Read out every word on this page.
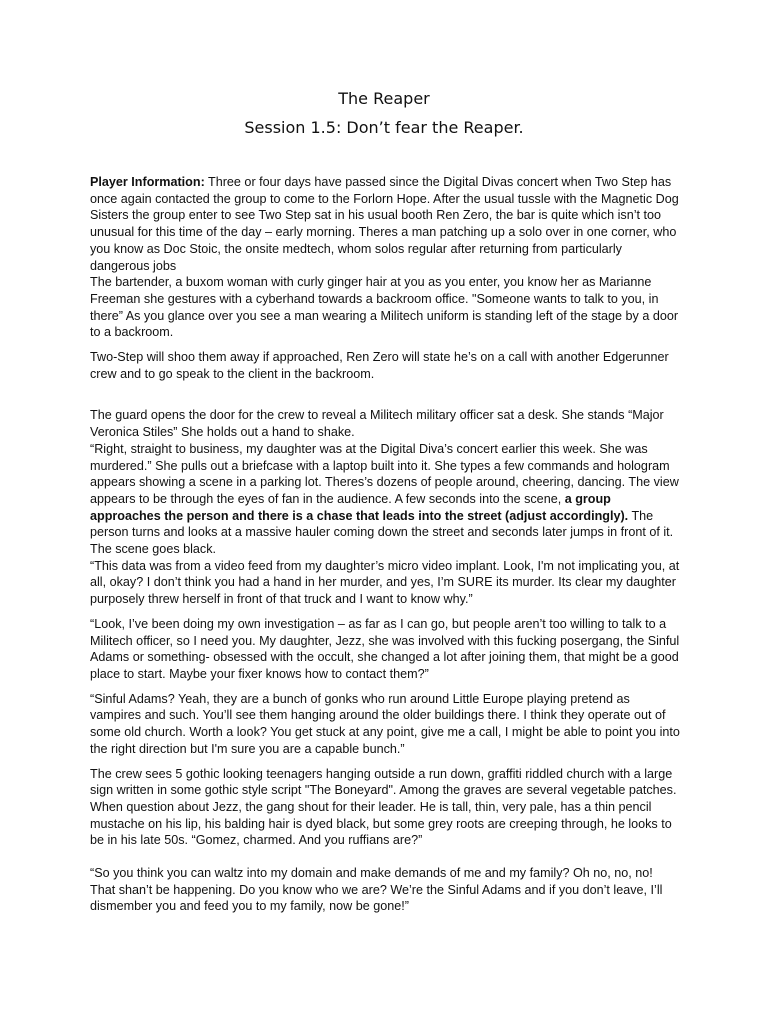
The Reaper
Session 1.5: Don’t fear the Reaper.

Player Information: Three or four days have passed since the Digital Divas concert when Two Step has once again contacted the group to come to the Forlorn Hope. After the usual tussle with the Magnetic Dog Sisters the group enter to see Two Step sat in his usual booth Ren Zero, the bar is quite which isn’t too unusual for this time of the day – early morning. Theres a man patching up a solo over in one corner, who you know as Doc Stoic, the onsite medtech, whom solos regular after returning from particularly dangerous jobs

The bartender, a buxom woman with curly ginger hair at you as you enter, you know her as Marianne Freeman she gestures with a cyberhand towards a backroom office. "Someone wants to talk to you, in there” As you glance over you see a man wearing a Militech uniform is standing left of the stage by a door to a backroom.

Two-Step will shoo them away if approached, Ren Zero will state he’s on a call with another Edgerunner crew and to go speak to the client in the backroom.

The guard opens the door for the crew to reveal a Militech military officer sat a desk. She stands “Major Veronica Stiles” She holds out a hand to shake.

“Right, straight to business, my daughter was at the Digital Diva’s concert earlier this week. She was murdered.” She pulls out a briefcase with a laptop built into it. She types a few commands and hologram appears showing a scene in a parking lot. Theres’s dozens of people around, cheering, dancing. The view appears to be through the eyes of fan in the audience. A few seconds into the scene, a group approaches the person and there is a chase that leads into the street (adjust accordingly). The person turns and looks at a massive hauler coming down the street and seconds later jumps in front of it. The scene goes black.

“This data was from a video feed from my daughter’s micro video implant. Look, I'm not implicating you, at all, okay? I don’t think you had a hand in her murder, and yes, I’m SURE its murder. Its clear my daughter purposely threw herself in front of that truck and I want to know why.”

“Look, I’ve been doing my own investigation – as far as I can go, but people aren’t too willing to talk to a Militech officer, so I need you. My daughter, Jezz, she was involved with this fucking posergang, the Sinful Adams or something- obsessed with the occult, she changed a lot after joining them, that might be a good place to start. Maybe your fixer knows how to contact them?”

“Sinful Adams? Yeah, they are a bunch of gonks who run around Little Europe playing pretend as vampires and such. You’ll see them hanging around the older buildings there. I think they operate out of some old church. Worth a look? You get stuck at any point, give me a call, I might be able to point you into the right direction but I'm sure you are a capable bunch.”

The crew sees 5 gothic looking teenagers hanging outside a run down, graffiti riddled church with a large sign written in some gothic style script "The Boneyard". Among the graves are several vegetable patches. When question about Jezz, the gang shout for their leader. He is tall, thin, very pale, has a thin pencil mustache on his lip, his balding hair is dyed black, but some grey roots are creeping through, he looks to be in his late 50s. “Gomez, charmed. And you ruffians are?”

“So you think you can waltz into my domain and make demands of me and my family? Oh no, no, no! That shan’t be happening. Do you know who we are? We’re the Sinful Adams and if you don’t leave, I’ll dismember you and feed you to my family, now be gone!”
